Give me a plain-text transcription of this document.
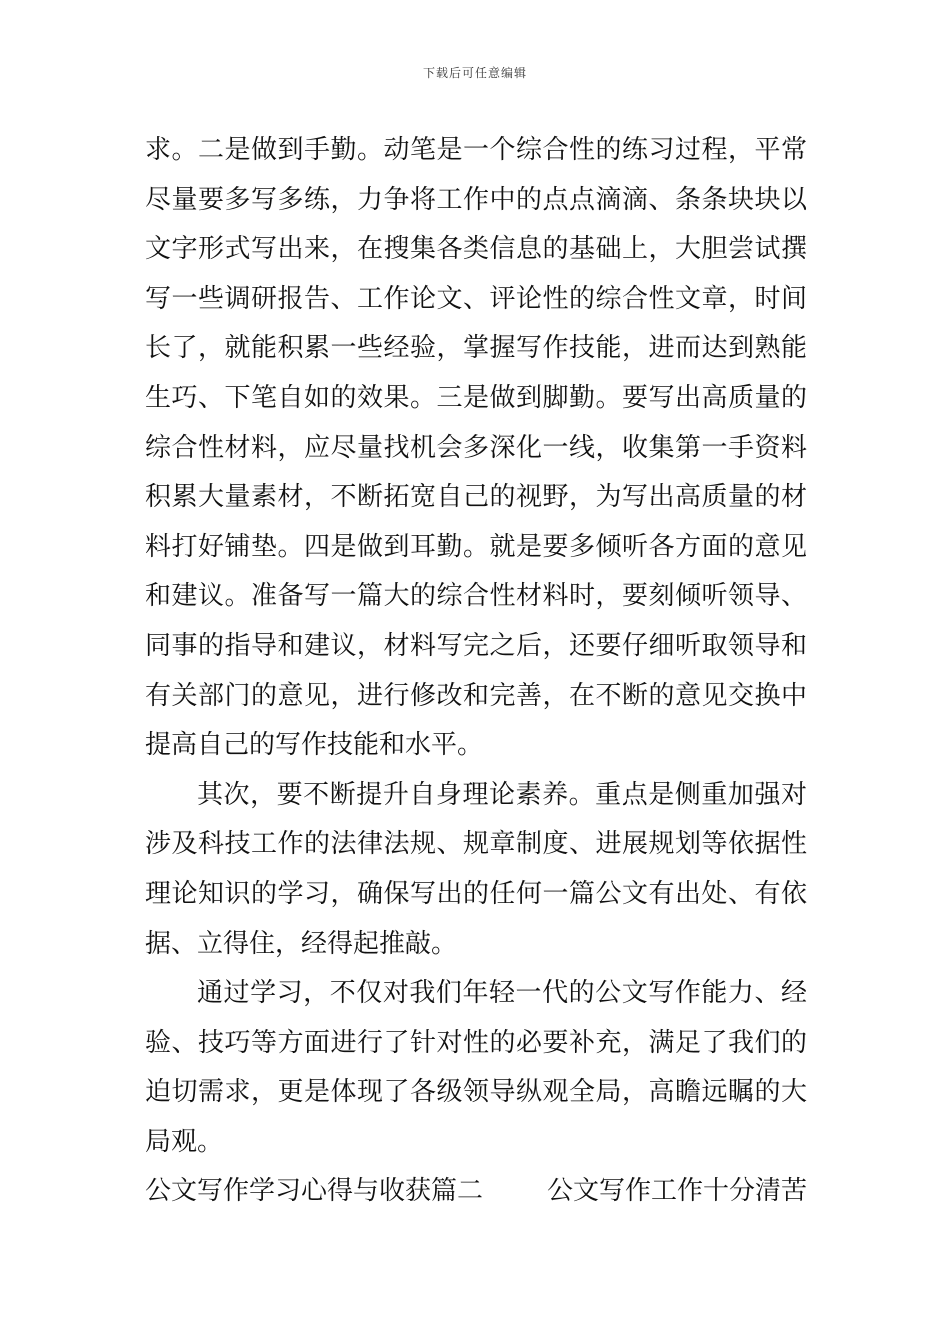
下载后可任意编辑
求。二是做到手勤。动笔是一个综合性的练习过程，平常
尽量要多写多练，力争将工作中的点点滴滴、条条块块以
文字形式写出来，在搜集各类信息的基础上，大胆尝试撰
写一些调研报告、工作论文、评论性的综合性文章，时间
长了，就能积累一些经验，掌握写作技能，进而达到熟能
生巧、下笔自如的效果。三是做到脚勤。要写出高质量的
综合性材料，应尽量找机会多深化一线，收集第一手资料
积累大量素材，不断拓宽自己的视野，为写出高质量的材
料打好铺垫。四是做到耳勤。就是要多倾听各方面的意见
和建议。准备写一篇大的综合性材料时，要刻倾听领导、
同事的指导和建议，材料写完之后，还要仔细听取领导和
有关部门的意见，进行修改和完善，在不断的意见交换中
提高自己的写作技能和水平。
其次，要不断提升自身理论素养。重点是侧重加强对
涉及科技工作的法律法规、规章制度、进展规划等依据性
理论知识的学习，确保写出的任何一篇公文有出处、有依
据、立得住，经得起推敲。
通过学习，不仅对我们年轻一代的公文写作能力、经
验、技巧等方面进行了针对性的必要补充，满足了我们的
迫切需求，更是体现了各级领导纵观全局，高瞻远瞩的大
局观。
公文写作学习心得与收获篇二 公文写作工作十分清苦
